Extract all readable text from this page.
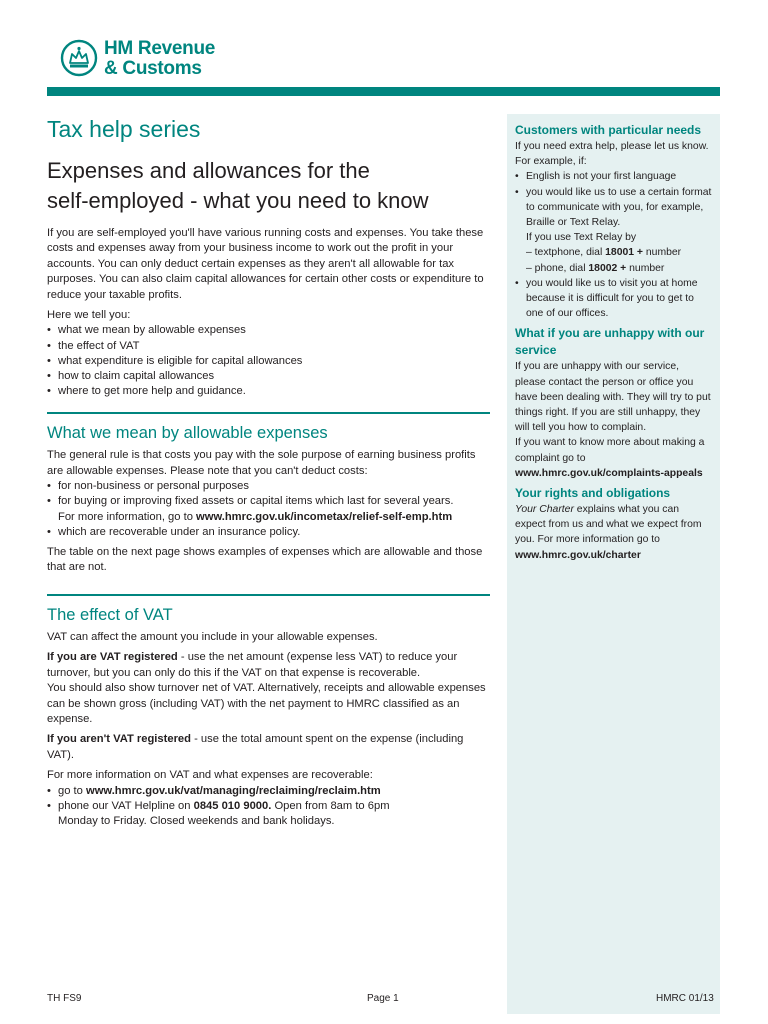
HM Revenue
& Customs
Tax help series
Expenses and allowances for the
self-employed - what you need to know

If you are self-employed you'll have various running costs and expenses. You take these costs and expenses away from your business income to work out the profit in your accounts. You can only deduct certain expenses as they aren't all allowable for tax purposes. You can also claim capital allowances for certain other costs or expenditure to reduce your taxable profits.

Here we tell you:

• what we mean by allowable expenses
• the effect of VAT
• what expenditure is eligible for capital allowances
• how to claim capital allowances
• where to get more help and guidance.
What we mean by allowable expenses

The general rule is that costs you pay with the sole purpose of earning business profits are allowable expenses. Please note that you can't deduct costs:

• for non-business or personal purposes
• for buying or improving fixed assets or capital items which last for several years.
For more information, go to www.hmrc.gov.uk/incometax/relief-self-emp.htm
• which are recoverable under an insurance policy.

The table on the next page shows examples of expenses which are allowable and those that are not.

The effect of VAT

VAT can affect the amount you include in your allowable expenses.

If you are VAT registered - use the net amount (expense less VAT) to reduce your turnover, but you can only do this if the VAT on that expense is recoverable.

You should also show turnover net of VAT. Alternatively, receipts and allowable expenses can be shown gross (including VAT) with the net payment to HMRC classified as an expense.

If you aren't VAT registered - use the total amount spent on the expense (including VAT).

For more information on VAT and what expenses are recoverable:

• go to www.hmrc.gov.uk/vat/managing/reclaiming/reclaim.htm
• phone our VAT Helpline on 0845 010 9000. Open from 8am to 6pm
Monday to Friday. Closed weekends and bank holidays.
Customers with particular needs

If you need extra help, please let us know. For example, if:

• English is not your first language
• you would like us to use a certain format to communicate with you, for example, Braille or Text Relay.

If you use Text Relay by

– textphone, dial 18001 + number

– phone, dial 18002 + number

• you would like us to visit you at home because it is difficult for you to get to one of our offices.
What if you are unhappy with our service

If you are unhappy with our service, please contact the person or office you have been dealing with. They will try to put things right. If you are still unhappy, they will tell you how to complain.

If you want to know more about making a complaint go to

www.hmrc.gov.uk/complaints-appeals

Your rights and obligations

Your Charter explains what you can expect from us and what we expect from you. For more information go to

www.hmrc.gov.uk/charter

TH FS9	Page 1	HMRC 01/13
